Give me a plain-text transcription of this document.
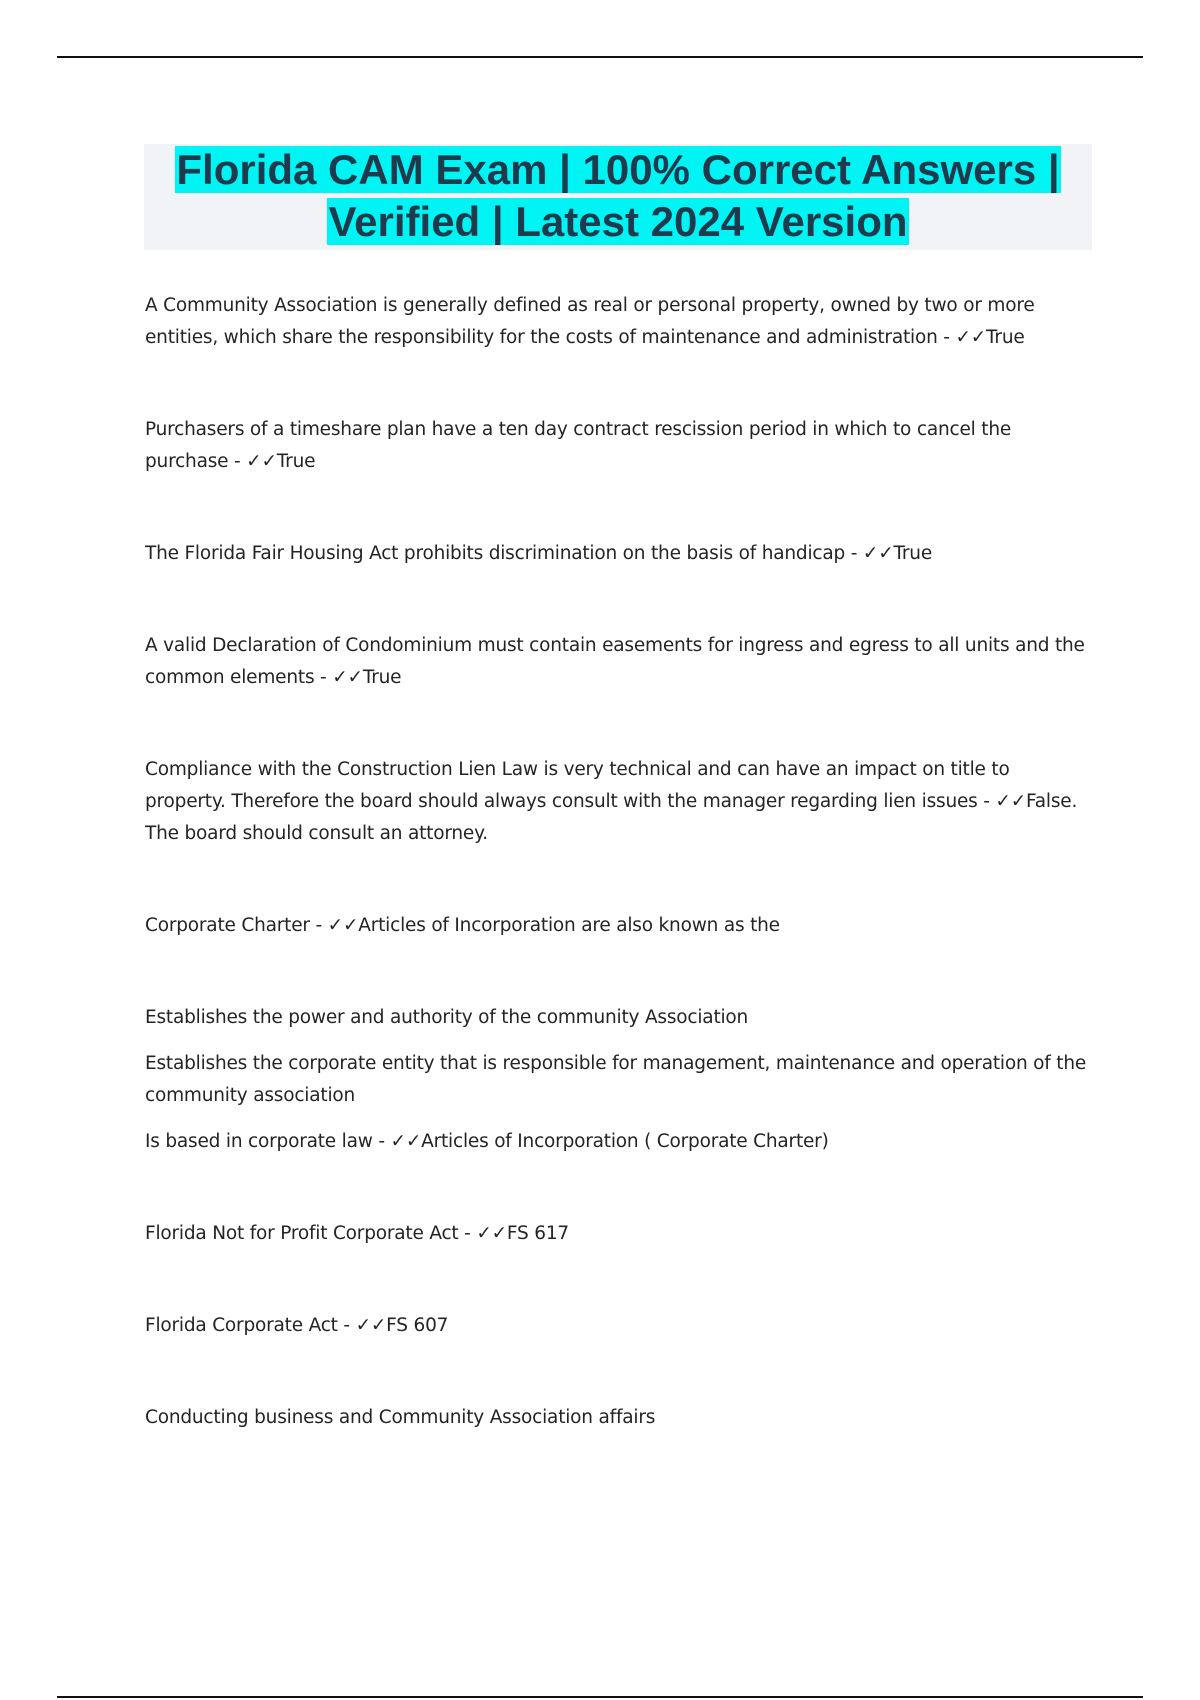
Florida CAM Exam | 100% Correct Answers |
Verified | Latest 2024 Version

A Community Association is generally defined as real or personal property, owned by two or more entities, which share the responsibility for the costs of maintenance and administration - ✓✓True

Purchasers of a timeshare plan have a ten day contract rescission period in which to cancel the purchase - ✓✓True

The Florida Fair Housing Act prohibits discrimination on the basis of handicap - ✓✓True

A valid Declaration of Condominium must contain easements for ingress and egress to all units and the common elements - ✓✓True

Compliance with the Construction Lien Law is very technical and can have an impact on title to property. Therefore the board should always consult with the manager regarding lien issues - ✓✓False. The board should consult an attorney.

Corporate Charter - ✓✓Articles of Incorporation are also known as the

Establishes the power and authority of the community Association

Establishes the corporate entity that is responsible for management, maintenance and operation of the community association

Is based in corporate law - ✓✓Articles of Incorporation ( Corporate Charter)

Florida Not for Profit Corporate Act - ✓✓FS 617

Florida Corporate Act - ✓✓FS 607

Conducting business and Community Association affairs
